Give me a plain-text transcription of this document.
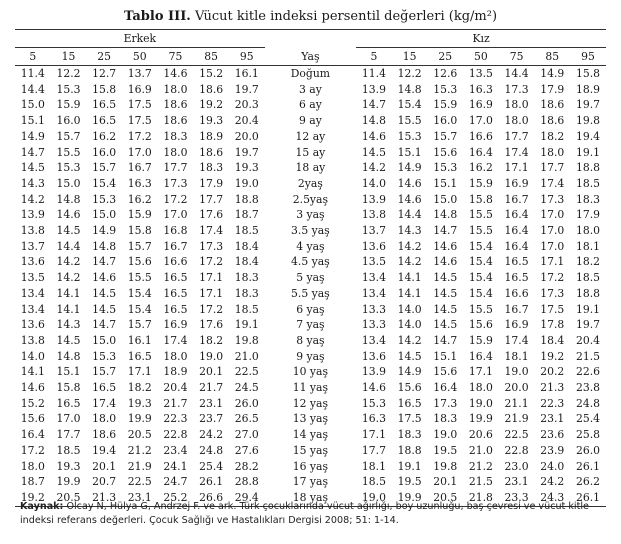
Tablo III. Vücut kitle indeksi persentil değerleri (kg/m²)
Erkek								Kız						
5	15	25	50	75	85	95	Yaş	5	15	25	50	75	85	95
11.4	12.2	12.7	13.7	14.6	15.2	16.1	Doğum	11.4	12.2	12.6	13.5	14.4	14.9	15.8
14.4	15.3	15.8	16.9	18.0	18.6	19.7	3 ay	13.9	14.8	15.3	16.3	17.3	17.9	18.9
15.0	15.9	16.5	17.5	18.6	19.2	20.3	6 ay	14.7	15.4	15.9	16.9	18.0	18.6	19.7
15.1	16.0	16.5	17.5	18.6	19.3	20.4	9 ay	14.8	15.5	16.0	17.0	18.0	18.6	19.8
14.9	15.7	16.2	17.2	18.3	18.9	20.0	12 ay	14.6	15.3	15.7	16.6	17.7	18.2	19.4
14.7	15.5	16.0	17.0	18.0	18.6	19.7	15 ay	14.5	15.1	15.6	16.4	17.4	18.0	19.1
14.5	15.3	15.7	16.7	17.7	18.3	19.3	18 ay	14.2	14.9	15.3	16.2	17.1	17.7	18.8
14.3	15.0	15.4	16.3	17.3	17.9	19.0	2yaş	14.0	14.6	15.1	15.9	16.9	17.4	18.5
14.2	14.8	15.3	16.2	17.2	17.7	18.8	2.5yaş	13.9	14.6	15.0	15.8	16.7	17.3	18.3
13.9	14.6	15.0	15.9	17.0	17.6	18.7	3 yaş	13.8	14.4	14.8	15.5	16.4	17.0	17.9
13.8	14.5	14.9	15.8	16.8	17.4	18.5	3.5 yaş	13.7	14.3	14.7	15.5	16.4	17.0	18.0
13.7	14.4	14.8	15.7	16.7	17.3	18.4	4 yaş	13.6	14.2	14.6	15.4	16.4	17.0	18.1
13.6	14.2	14.7	15.6	16.6	17.2	18.4	4.5 yaş	13.5	14.2	14.6	15.4	16.5	17.1	18.2
13.5	14.2	14.6	15.5	16.5	17.1	18.3	5 yaş	13.4	14.1	14.5	15.4	16.5	17.2	18.5
13.4	14.1	14.5	15.4	16.5	17.1	18.3	5.5 yaş	13.4	14.1	14.5	15.4	16.6	17.3	18.8
13.4	14.1	14.5	15.4	16.5	17.2	18.5	6 yaş	13.3	14.0	14.5	15.5	16.7	17.5	19.1
13.6	14.3	14.7	15.7	16.9	17.6	19.1	7 yaş	13.3	14.0	14.5	15.6	16.9	17.8	19.7
13.8	14.5	15.0	16.1	17.4	18.2	19.8	8 yaş	13.4	14.2	14.7	15.9	17.4	18.4	20.4
14.0	14.8	15.3	16.5	18.0	19.0	21.0	9 yaş	13.6	14.5	15.1	16.4	18.1	19.2	21.5
14.1	15.1	15.7	17.1	18.9	20.1	22.5	10 yaş	13.9	14.9	15.6	17.1	19.0	20.2	22.6
14.6	15.8	16.5	18.2	20.4	21.7	24.5	11 yaş	14.6	15.6	16.4	18.0	20.0	21.3	23.8
15.2	16.5	17.4	19.3	21.7	23.1	26.0	12 yaş	15.3	16.5	17.3	19.0	21.1	22.3	24.8
15.6	17.0	18.0	19.9	22.3	23.7	26.5	13 yaş	16.3	17.5	18.3	19.9	21.9	23.1	25.4
16.4	17.7	18.6	20.5	22.8	24.2	27.0	14 yaş	17.1	18.3	19.0	20.6	22.5	23.6	25.8
17.2	18.5	19.4	21.2	23.4	24.8	27.6	15 yaş	17.7	18.8	19.5	21.0	22.8	23.9	26.0
18.0	19.3	20.1	21.9	24.1	25.4	28.2	16 yaş	18.1	19.1	19.8	21.2	23.0	24.0	26.1
18.7	19.9	20.7	22.5	24.7	26.1	28.8	17 yaş	18.5	19.5	20.1	21.5	23.1	24.2	26.2
19.2	20.5	21.3	23.1	25.2	26.6	29.4	18 yaş	19.0	19.9	20.5	21.8	23.3	24.3	26.1
Kaynak: Olcay N, Hülya G, Andrzej F. ve ark. Türk çocuklarında vücut ağırlığı, boy uzunluğu, baş çevresi ve vücut kitle indeksi referans değerleri. Çocuk Sağlığı ve Hastalıkları Dergisi 2008; 51: 1-14.
